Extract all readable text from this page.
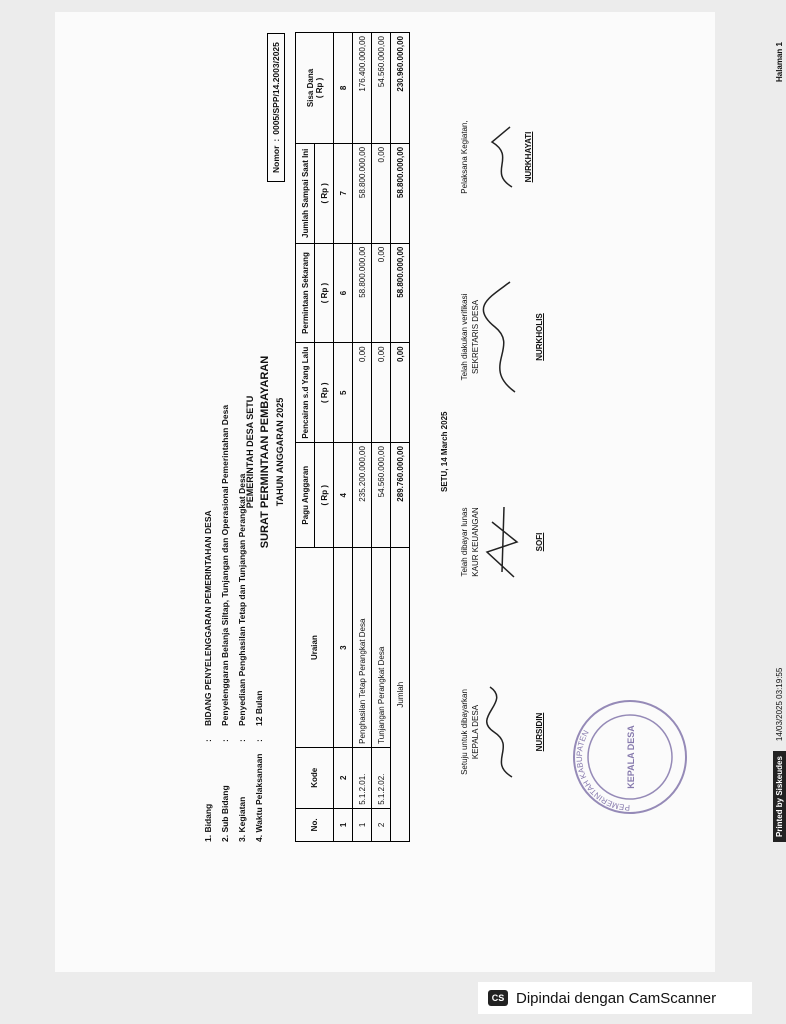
PEMERINTAH DESA SETU SURAT PERMINTAAN PEMBAYARAN TAHUN ANGGARAN 2025
1. Bidang
:
BIDANG PENYELENGGARAN PEMERINTAHAN DESA
2. Sub Bidang
:
Penyelenggaran Belanja Siltap, Tunjangan dan Operasional Pemerintahan Desa
3. Kegiatan
:
Penyediaan Penghasilan Tetap dan Tunjangan Perangkat Desa
4. Waktu Pelaksanaan
:
12 Bulan
Nomor
:
0005/SPP/14.2003/2025
No.	Kode	Uraian	Pagu Anggaran	Pencairan s.d Yang Lalu	Permintaan Sekarang	Jumlah Sampai Saat Ini	Sisa Dana
( Rp )
			( Rp )	( Rp )	( Rp )	( Rp )	
1	2	3	4	5	6	7	8
1	5.1.2.01.	Penghasilan Tetap Perangkat Desa	235.200.000,00	0,00	58.800.000,00	58.800.000,00	176.400.000,00
2	5.1.2.02.	Tunjangan Perangkat Desa	54.560.000,00	0,00	0,00	0,00	54.560.000,00
Jumlah			289.760.000,00	0,00	58.800.000,00	58.800.000,00	230.960.000,00
SETU, 14 March 2025
PEMERINTAH KABUPATEN	KEPALA DESA
Setuju untuk dibayarkan KEPALA DESA	NURSIDIN
Telah dibayar lunas KAUR KEUANGAN	SOFI
Telah diakukan verifikasi SEKRETARIS DESA	NURKHOLIS
Pelaksana Kegiatan,	NURKHAYATI
Printed by Siskeudes
14/03/2025 03:19:55
Halaman 1
CS Dipindai dengan CamScanner
